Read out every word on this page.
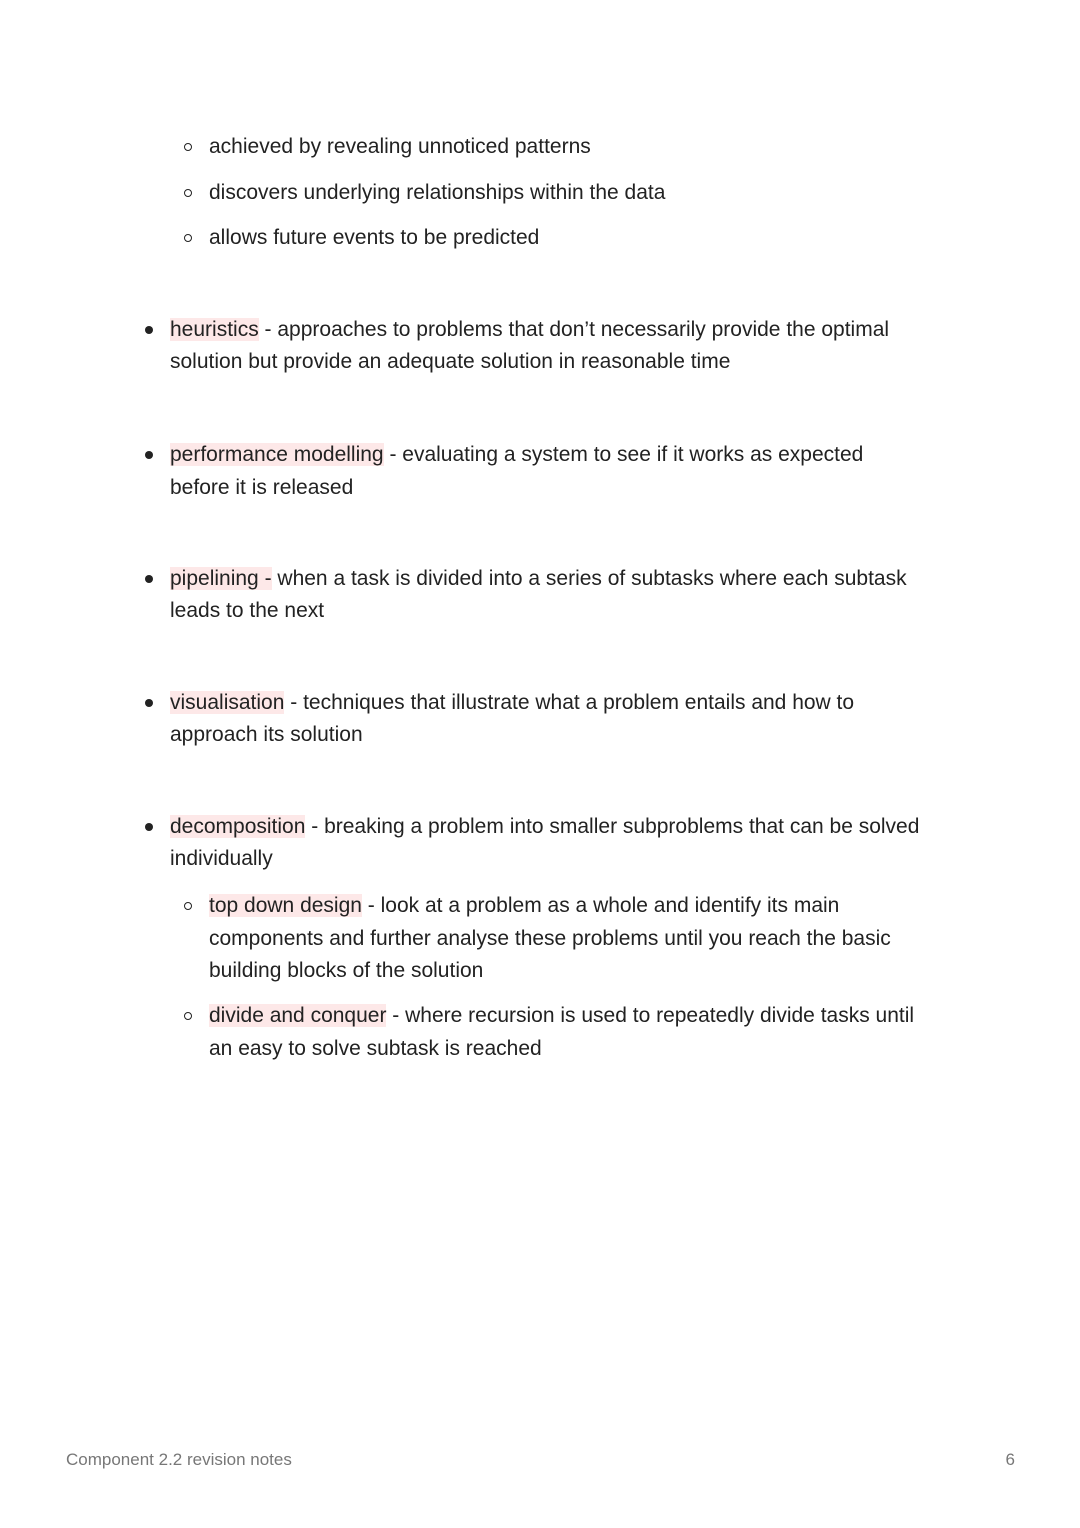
achieved by revealing unnoticed patterns
discovers underlying relationships within the data
allows future events to be predicted
heuristics - approaches to problems that don’t necessarily provide the optimal
solution but provide an adequate solution in reasonable time
performance modelling - evaluating a system to see if it works as expected
before it is released
pipelining - when a task is divided into a series of subtasks where each subtask
leads to the next
visualisation - techniques that illustrate what a problem entails and how to
approach its solution
decomposition - breaking a problem into smaller subproblems that can be solved
individually
top down design - look at a problem as a whole and identify its main
components and further analyse these problems until you reach the basic
building blocks of the solution
divide and conquer - where recursion is used to repeatedly divide tasks until
an easy to solve subtask is reached
Component 2.2 revision notes	6
